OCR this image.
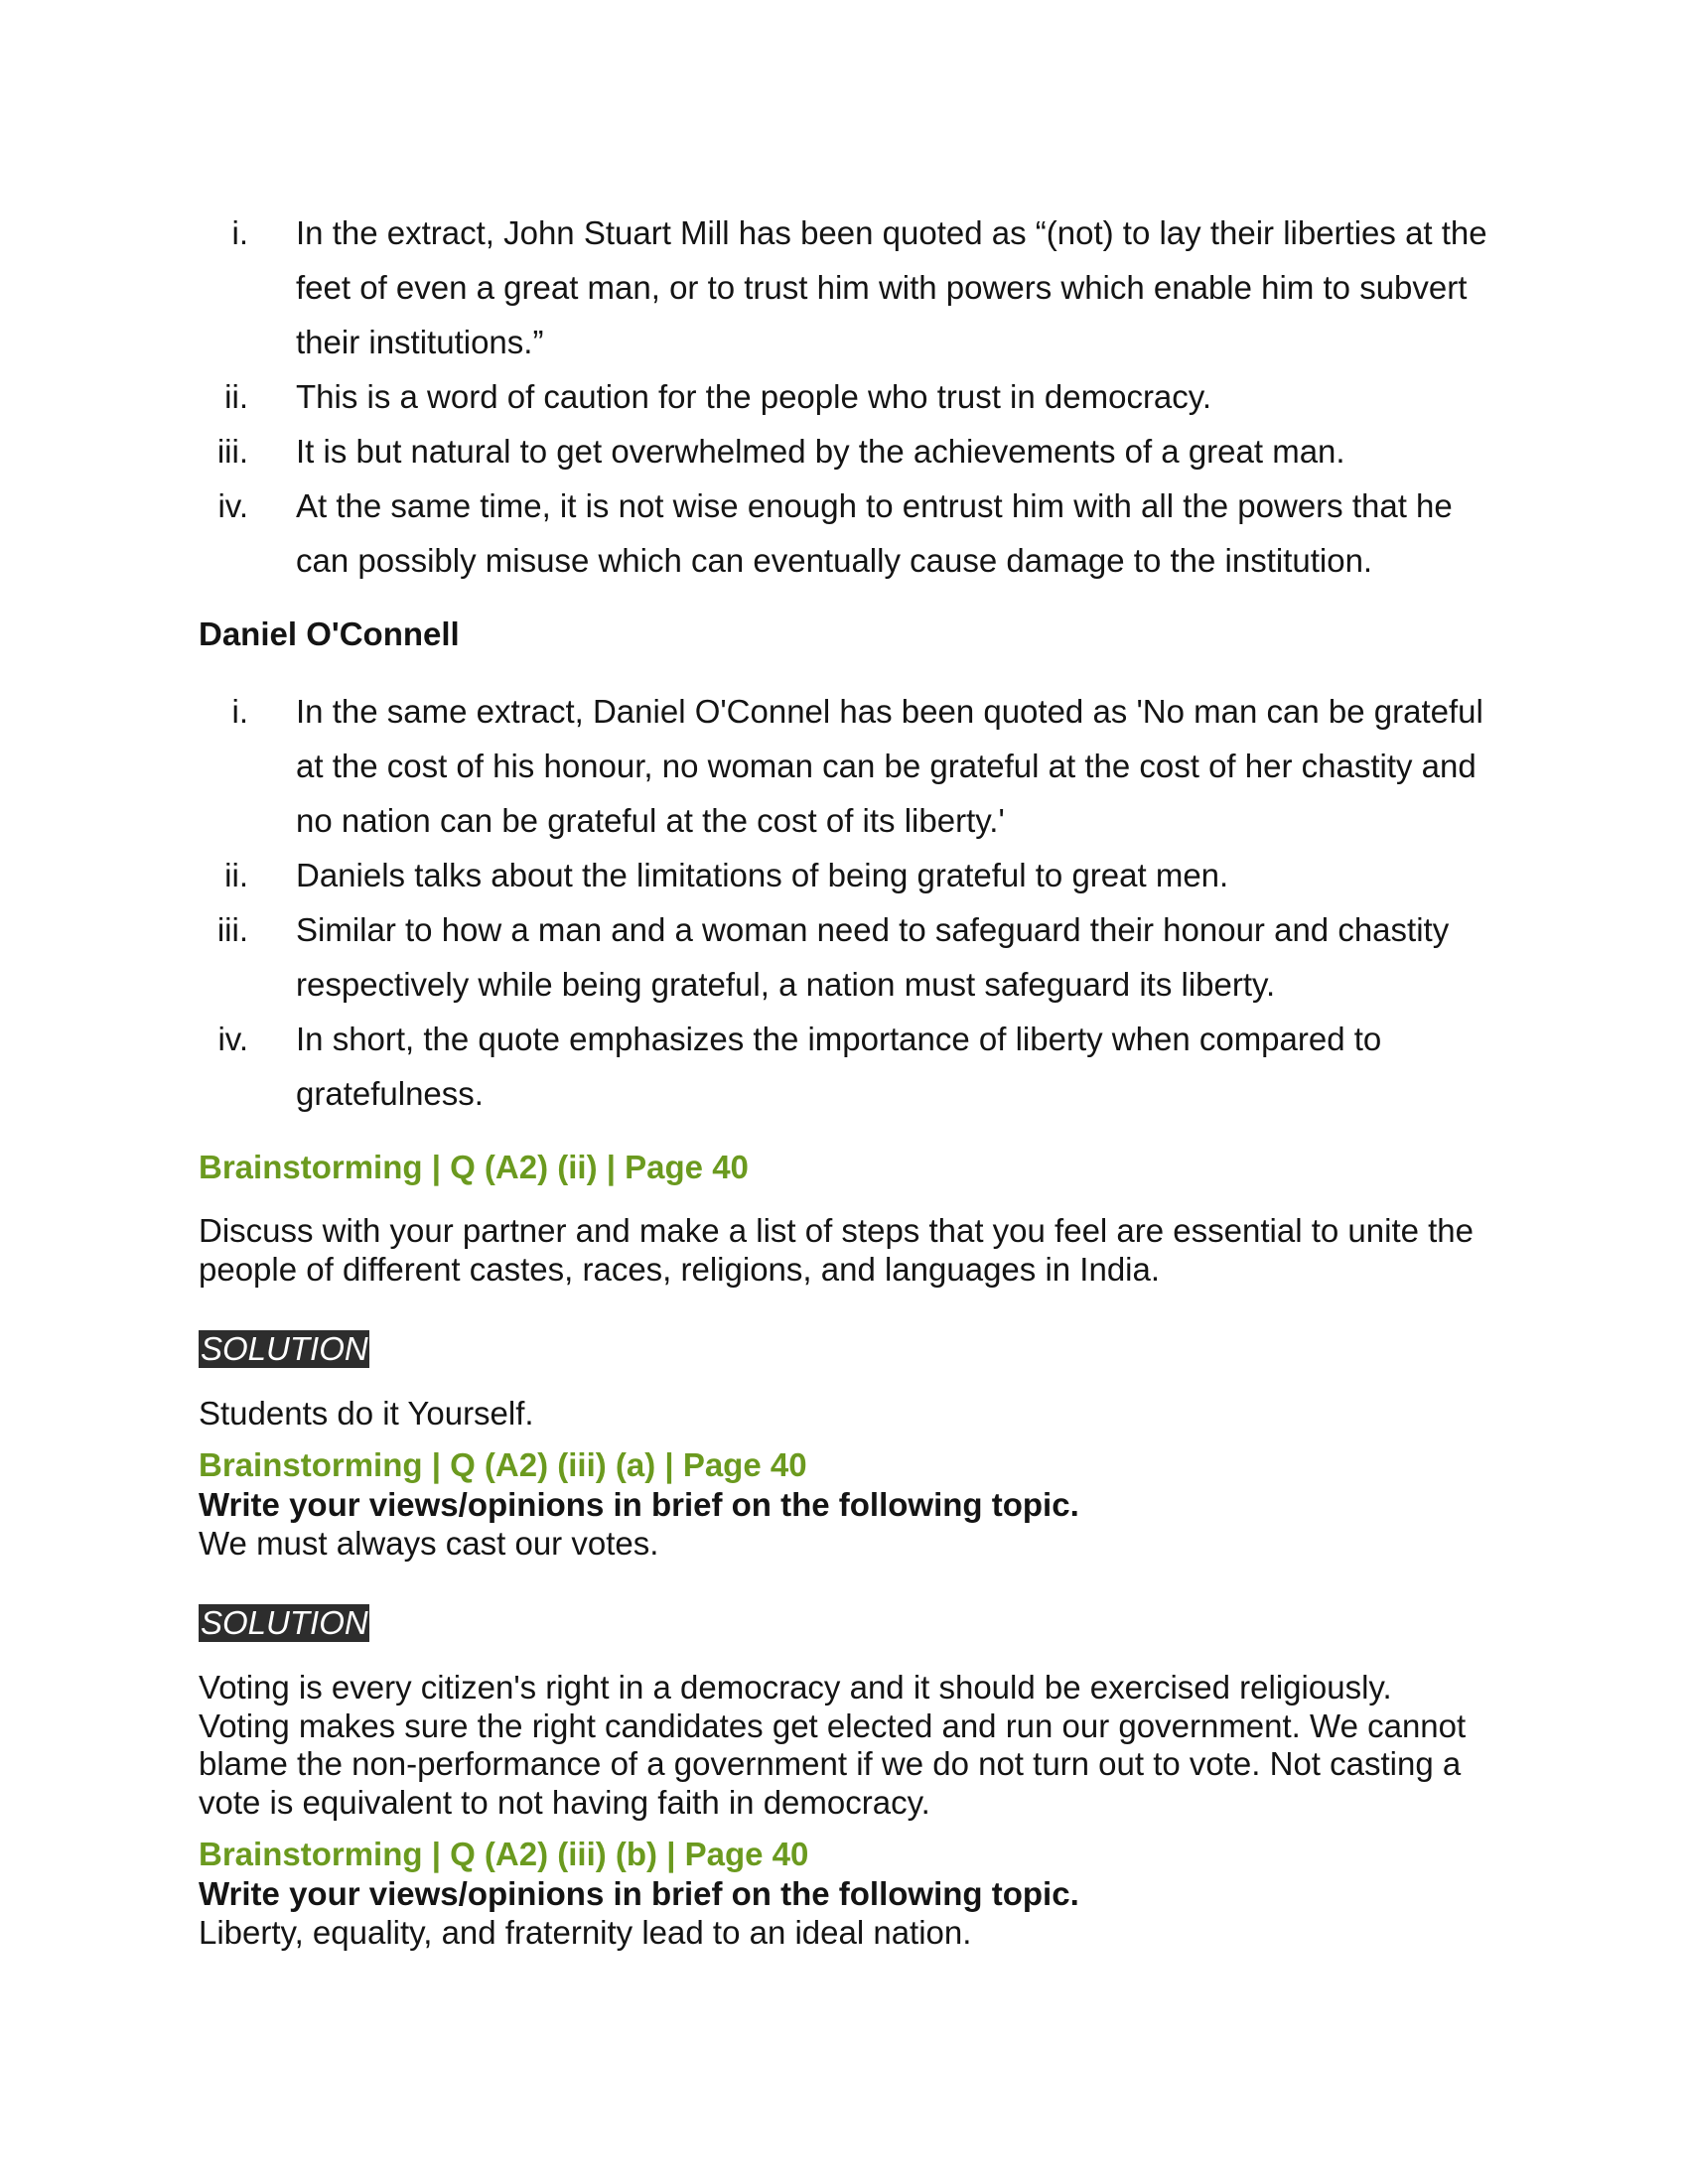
i. In the extract, John Stuart Mill has been quoted as “(not) to lay their liberties at the feet of even a great man, or to trust him with powers which enable him to subvert their institutions.”
ii. This is a word of caution for the people who trust in democracy.
iii. It is but natural to get overwhelmed by the achievements of a great man.
iv. At the same time, it is not wise enough to entrust him with all the powers that he can possibly misuse which can eventually cause damage to the institution.
Daniel O'Connell
i. In the same extract, Daniel O'Connel has been quoted as 'No man can be grateful at the cost of his honour, no woman can be grateful at the cost of her chastity and no nation can be grateful at the cost of its liberty.'
ii. Daniels talks about the limitations of being grateful to great men.
iii. Similar to how a man and a woman need to safeguard their honour and chastity respectively while being grateful, a nation must safeguard its liberty.
iv. In short, the quote emphasizes the importance of liberty when compared to gratefulness.
Brainstorming | Q (A2) (ii) | Page 40

Discuss with your partner and make a list of steps that you feel are essential to unite the people of different castes, races, religions, and languages in India.

SOLUTION

Students do it Yourself.

Brainstorming | Q (A2) (iii) (a) | Page 40

Write your views/opinions in brief on the following topic.
We must always cast our votes.

SOLUTION

Voting is every citizen's right in a democracy and it should be exercised religiously. Voting makes sure the right candidates get elected and run our government. We cannot blame the non-performance of a government if we do not turn out to vote. Not casting a vote is equivalent to not having faith in democracy.

Brainstorming | Q (A2) (iii) (b) | Page 40

Write your views/opinions in brief on the following topic.
Liberty, equality, and fraternity lead to an ideal nation.
